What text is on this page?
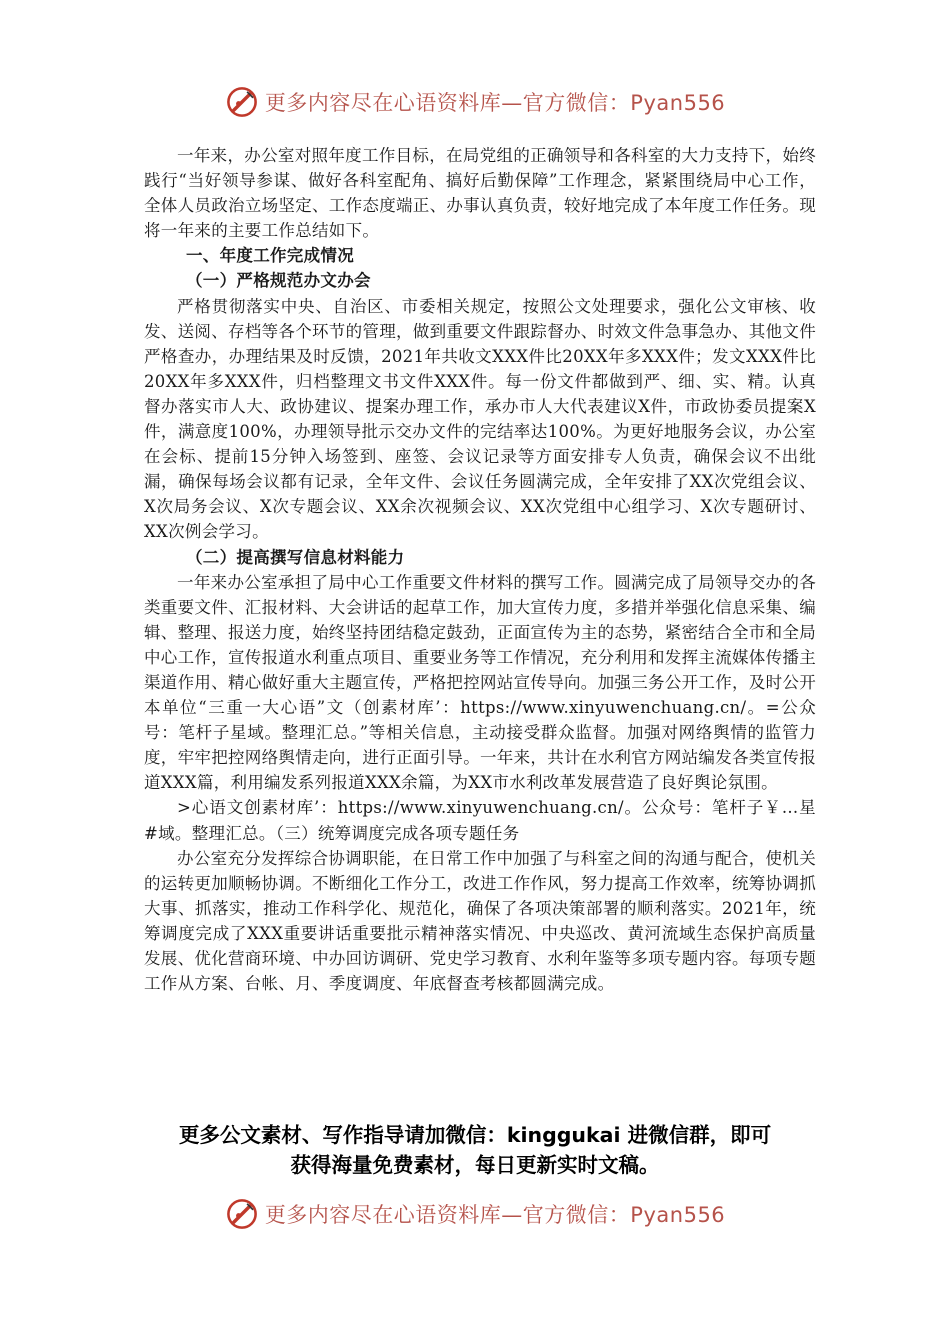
更多内容尽在心语资料库—官方微信：Pyan556

一年来，办公室对照年度工作目标，在局党组的正确领导和各科室的大力支持下，始终践行“当好领导参谋、做好各科室配角、搞好后勤保障”工作理念，紧紧围绕局中心工作，全体人员政治立场坚定、工作态度端正、办事认真负责，较好地完成了本年度工作任务。现将一年来的主要工作总结如下。

一、年度工作完成情况
（一）严格规范办文办会

严格贯彻落实中央、自治区、市委相关规定，按照公文处理要求，强化公文审核、收发、送阅、存档等各个环节的管理，做到重要文件跟踪督办、时效文件急事急办、其他文件严格查办，办理结果及时反馈，2021年共收文XXX件比20XX年多XXX件；发文XXX件比20XX年多XXX件，归档整理文书文件XXX件。每一份文件都做到严、细、实、精。认真督办落实市人大、政协建议、提案办理工作，承办市人大代表建议X件，市政协委员提案X件，满意度100%，办理领导批示交办文件的完结率达100%。为更好地服务会议，办公室在会标、提前15分钟入场签到、座签、会议记录等方面安排专人负责，确保会议不出纰漏，确保每场会议都有记录，全年文件、会议任务圆满完成，全年安排了XX次党组会议、X次局务会议、X次专题会议、XX余次视频会议、XX次党组中心组学习、X次专题研讨、XX次例会学习。

（二）提高撰写信息材料能力

一年来办公室承担了局中心工作重要文件材料的撰写工作。圆满完成了局领导交办的各类重要文件、汇报材料、大会讲话的起草工作，加大宣传力度，多措并举强化信息采集、编辑、整理、报送力度，始终坚持团结稳定鼓劲，正面宣传为主的态势，紧密结合全市和全局中心工作，宣传报道水利重点项目、重要业务等工作情况，充分利用和发挥主流媒体传播主渠道作用、精心做好重大主题宣传，严格把控网站宣传导向。加强三务公开工作，及时公开本单位“三重一大心语”文（创素材库’：https://www.xinyuwenchuang.cn/。=公众号：笔杆子星域。整理汇总。”等相关信息，主动接受群众监督。加强对网络舆情的监管力度，牢牢把控网络舆情走向，进行正面引导。一年来，共计在水利官方网站编发各类宣传报道XXX篇，利用编发系列报道XXX余篇，为XX市水利改革发展营造了良好舆论氛围。

>心语文创素材库’：https://www.xinyuwenchuang.cn/。公众号：笔杆子￥…星#域。整理汇总。（三）统筹调度完成各项专题任务

办公室充分发挥综合协调职能，在日常工作中加强了与科室之间的沟通与配合，使机关的运转更加顺畅协调。不断细化工作分工，改进工作作风，努力提高工作效率，统筹协调抓大事、抓落实，推动工作科学化、规范化，确保了各项决策部署的顺利落实。2021年，统筹调度完成了XXX重要讲话重要批示精神落实情况、中央巡改、黄河流域生态保护高质量发展、优化营商环境、中办回访调研、党史学习教育、水利年鉴等多项专题内容。每项专题工作从方案、台帐、月、季度调度、年底督查考核都圆满完成。

更多公文素材、写作指导请加微信：kinggukai 进微信群，即可
获得海量免费素材，每日更新实时文稿。
更多内容尽在心语资料库—官方微信：Pyan556
